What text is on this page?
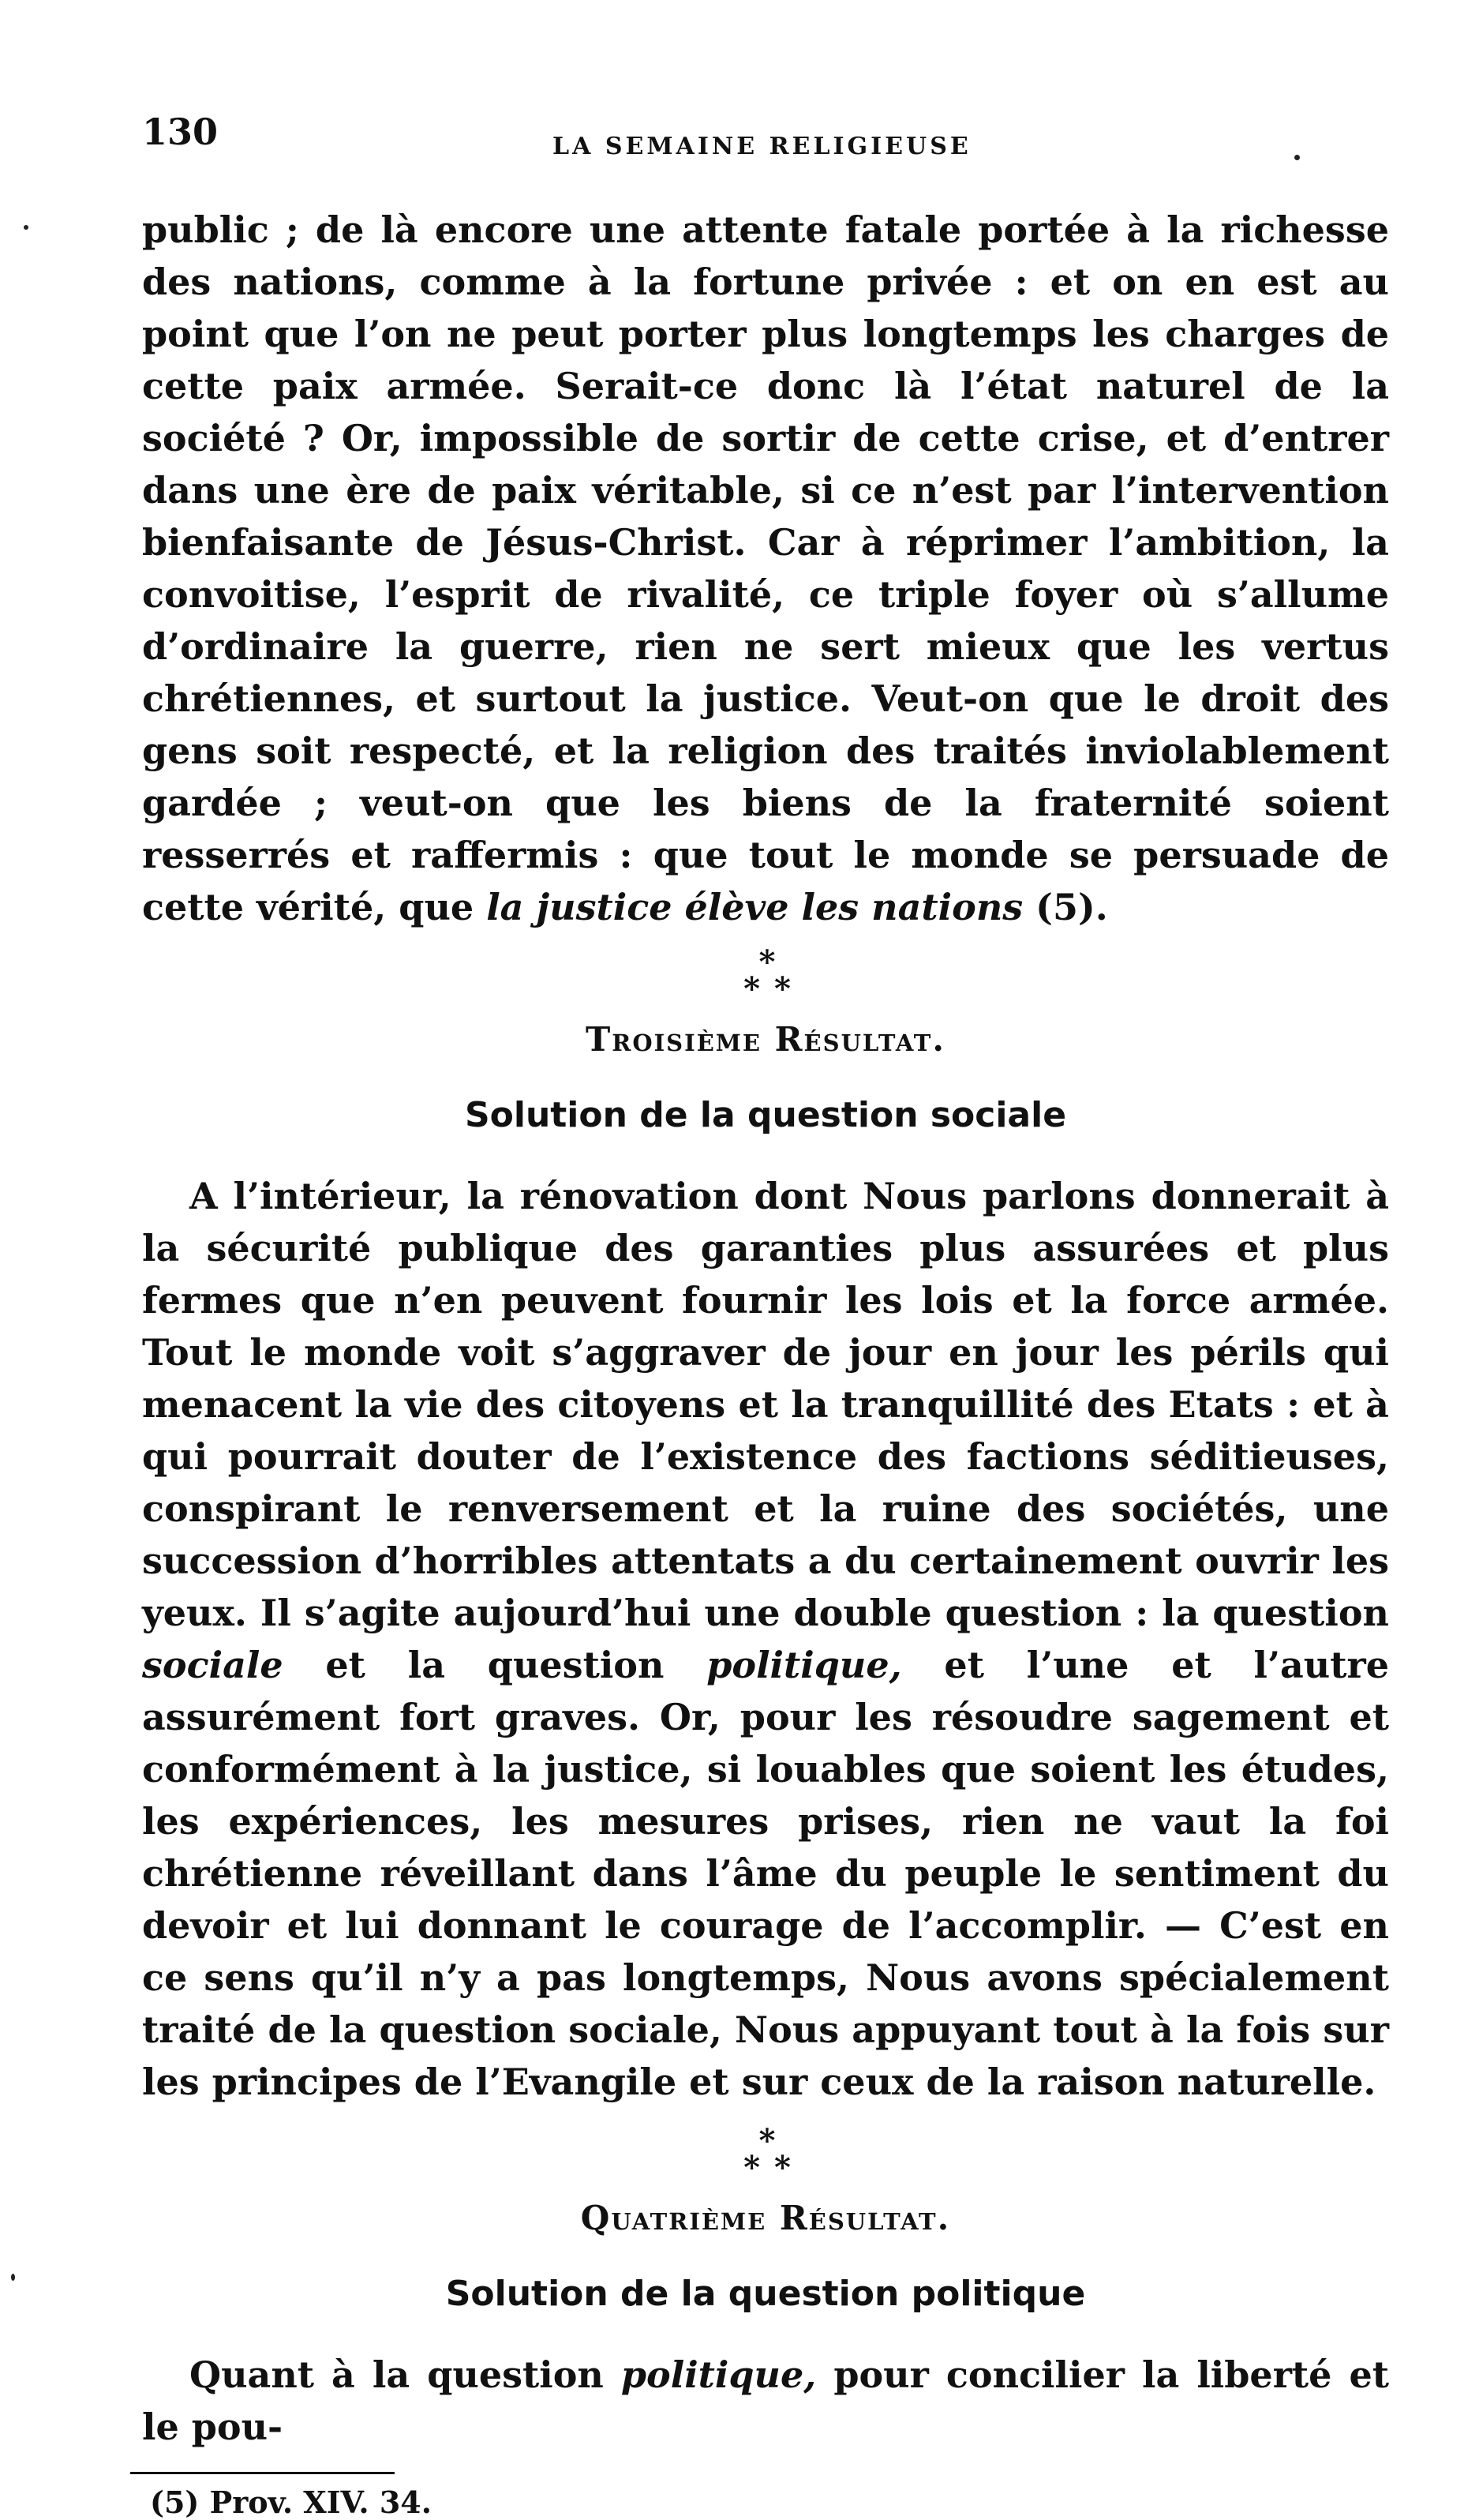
130	LA SEMAINE RELIGIEUSE

public ; de là encore une attente fatale portée à la richesse des nations, comme à la fortune privée : et on en est au point que l’on ne peut porter plus longtemps les charges de cette paix armée. Serait-ce donc là l’état naturel de la société ? Or, impossible de sortir de cette crise, et d’entrer dans une ère de paix véritable, si ce n’est par l’intervention bienfaisante de Jésus-Christ. Car à réprimer l’ambition, la convoitise, l’esprit de rivalité, ce triple foyer où s’allume d’ordinaire la guerre, rien ne sert mieux que les vertus chrétiennes, et surtout la justice. Veut-on que le droit des gens soit respecté, et la religion des traités inviolablement gardée ; veut-on que les biens de la fraternité soient resserrés et raffermis : que tout le monde se persuade de cette vérité, que la justice élève les nations (5).

*
**
Troisième Résultat.
Solution de la question sociale

A l’intérieur, la rénovation dont Nous parlons donnerait à la sécurité publique des garanties plus assurées et plus fermes que n’en peuvent fournir les lois et la force armée. Tout le monde voit s’aggraver de jour en jour les périls qui menacent la vie des citoyens et la tranquillité des Etats : et à qui pourrait douter de l’existence des factions séditieuses, conspirant le renversement et la ruine des sociétés, une succession d’horribles attentats a du certainement ouvrir les yeux. Il s’agite aujourd’hui une double question : la question sociale et la question politique, et l’une et l’autre assurément fort graves. Or, pour les résoudre sagement et conformément à la justice, si louables que soient les études, les expériences, les mesures prises, rien ne vaut la foi chrétienne réveillant dans l’âme du peuple le sentiment du devoir et lui donnant le courage de l’accomplir. — C’est en ce sens qu’il n’y a pas longtemps, Nous avons spécialement traité de la question sociale, Nous appuyant tout à la fois sur les principes de l’Evangile et sur ceux de la raison naturelle.

*
**
Quatrième Résultat.
Solution de la question politique

Quant à la question politique, pour concilier la liberté et le pou-

(5) Prov. XIV. 34.
